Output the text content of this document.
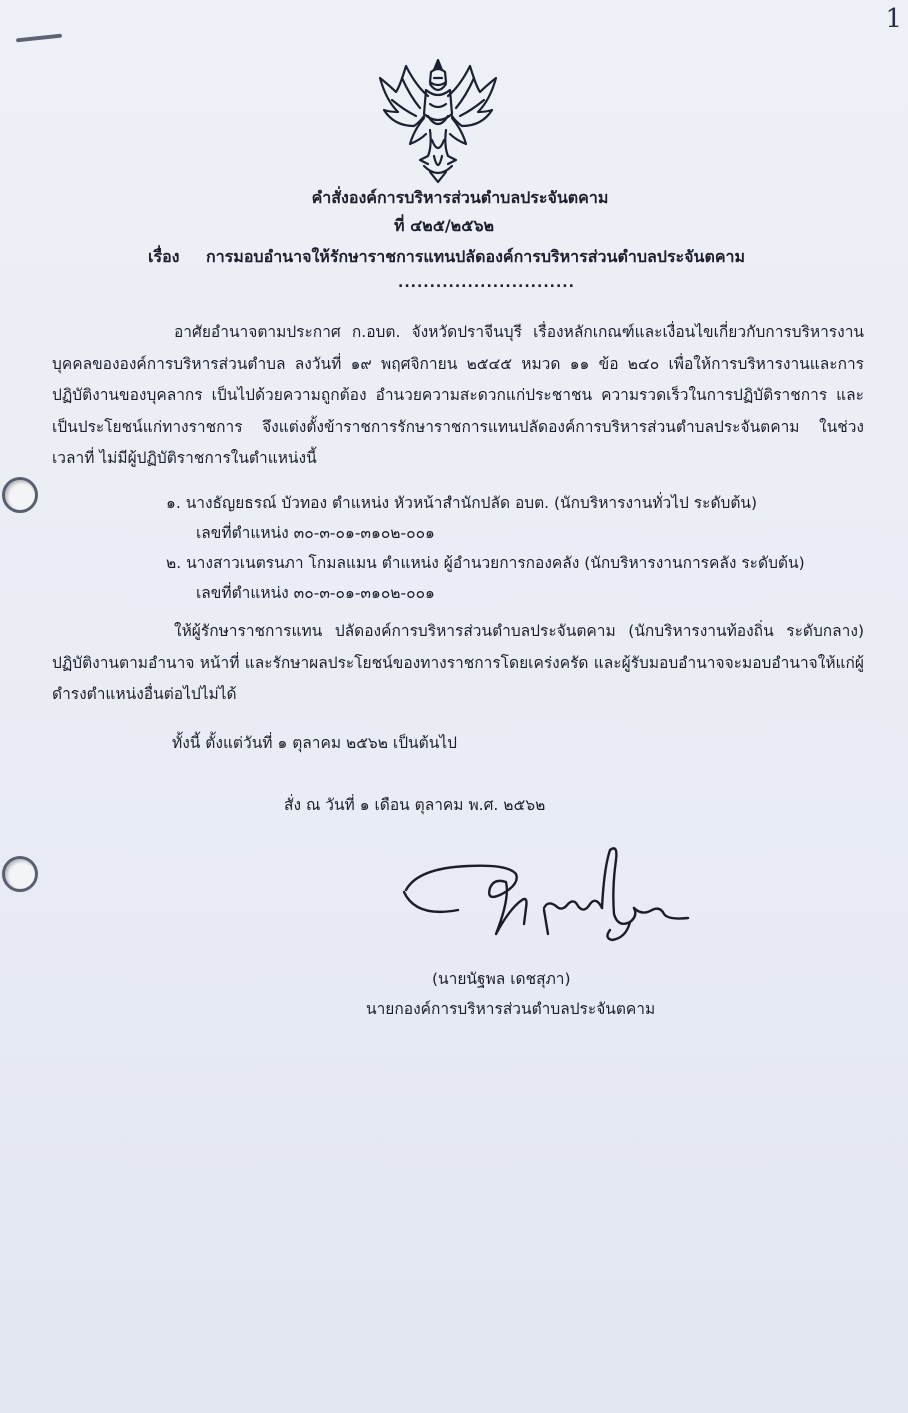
1
คำสั่งองค์การบริหารส่วนตำบลประจันตคาม
ที่ ๔๒๕/๒๕๖๒
เรื่อง การมอบอำนาจให้รักษาราชการแทนปลัดองค์การบริหารส่วนตำบลประจันตคาม
............................
อาศัยอำนาจตามประกาศ ก.อบต. จังหวัดปราจีนบุรี เรื่องหลักเกณฑ์และเงื่อนไขเกี่ยวกับการบริหารงานบุคคลขององค์การบริหารส่วนตำบล ลงวันที่ ๑๙ พฤศจิกายน ๒๕๔๕ หมวด ๑๑ ข้อ ๒๔๐ เพื่อให้การบริหารงานและการปฏิบัติงานของบุคลากร เป็นไปด้วยความถูกต้อง อำนวยความสะดวกแก่ประชาชน ความรวดเร็วในการปฏิบัติราชการ และเป็นประโยชน์แก่ทางราชการ จึงแต่งตั้งข้าราชการรักษาราชการแทนปลัดองค์การบริหารส่วนตำบลประจันตคาม ในช่วงเวลาที่ ไม่มีผู้ปฏิบัติราชการในตำแหน่งนี้
๑. นางธัญยธรณ์ บัวทอง ตำแหน่ง หัวหน้าสำนักปลัด อบต. (นักบริหารงานทั่วไป ระดับต้น)
เลขที่ตำแหน่ง ๓๐-๓-๐๑-๓๑๐๒-๐๐๑
๒. นางสาวเนตรนภา โกมลแมน ตำแหน่ง ผู้อำนวยการกองคลัง (นักบริหารงานการคลัง ระดับต้น)
เลขที่ตำแหน่ง ๓๐-๓-๐๑-๓๑๐๒-๐๐๑
ให้ผู้รักษาราชการแทน ปลัดองค์การบริหารส่วนตำบลประจันตคาม (นักบริหารงานท้องถิ่น ระดับกลาง) ปฏิบัติงานตามอำนาจ หน้าที่ และรักษาผลประโยชน์ของทางราชการโดยเคร่งครัด และผู้รับมอบอำนาจจะมอบอำนาจให้แก่ผู้ดำรงตำแหน่งอื่นต่อไปไม่ได้
ทั้งนี้ ตั้งแต่วันที่ ๑ ตุลาคม ๒๕๖๒ เป็นต้นไป
สั่ง ณ วันที่ ๑ เดือน ตุลาคม พ.ศ. ๒๕๖๒
(นายนัฐพล เดชสุภา)
นายกองค์การบริหารส่วนตำบลประจันตคาม
